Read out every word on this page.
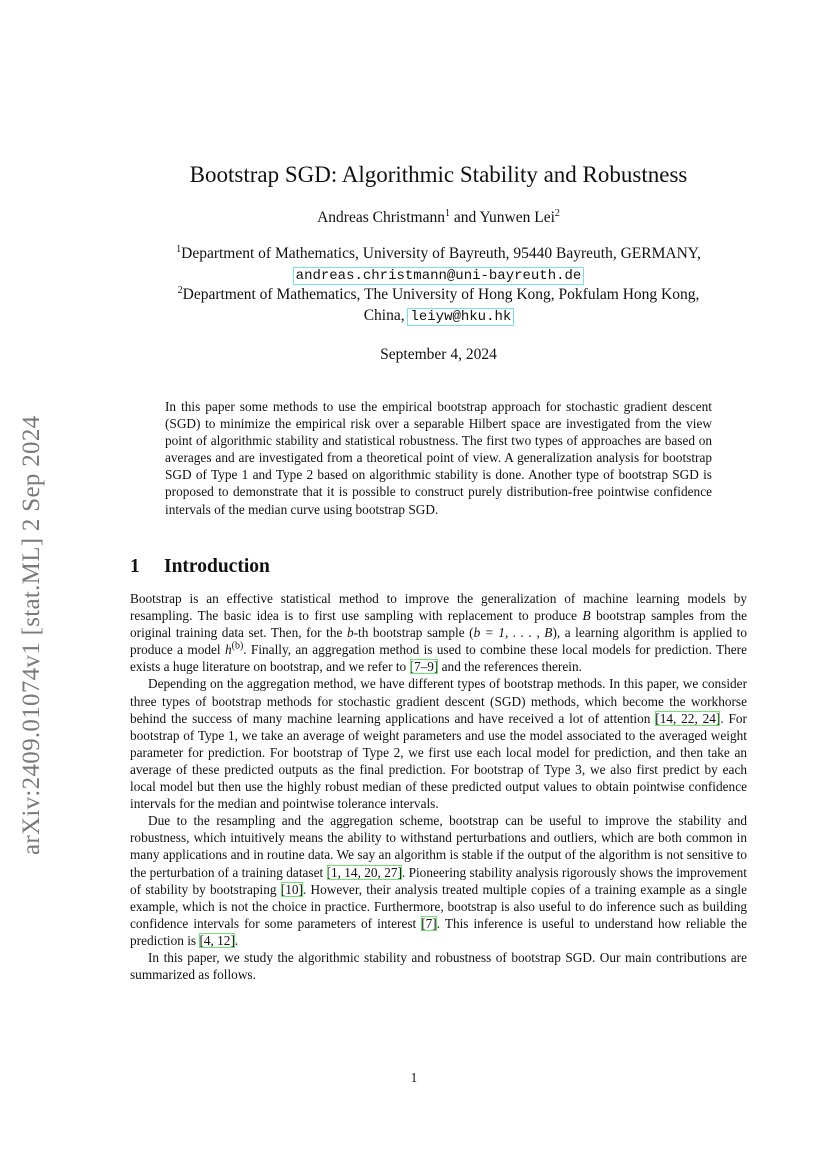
arXiv:2409.01074v1 [stat.ML] 2 Sep 2024
Bootstrap SGD: Algorithmic Stability and Robustness
Andreas Christmann$^1$ and Yunwen Lei$^2$
$^1$Department of Mathematics, University of Bayreuth, 95440 Bayreuth, GERMANY,
andreas.christmann@uni-bayreuth.de
$^2$Department of Mathematics, The University of Hong Kong, Pokfulam Hong Kong,
China, leiyw@hku.hk
September 4, 2024
In this paper some methods to use the empirical bootstrap approach for stochastic gradient descent (SGD) to minimize the empirical risk over a separable Hilbert space are investigated from the view point of algorithmic stability and statistical robustness. The first two types of approaches are based on averages and are investigated from a theoretical point of view. A generalization analysis for bootstrap SGD of Type 1 and Type 2 based on algorithmic stability is done. Another type of bootstrap SGD is proposed to demonstrate that it is possible to construct purely distribution-free pointwise confidence intervals of the median curve using bootstrap SGD.
1 Introduction

Bootstrap is an effective statistical method to improve the generalization of machine learning models by resampling. The basic idea is to first use sampling with replacement to produce B bootstrap samples from the original training data set. Then, for the b-th bootstrap sample (b = 1, . . . , B), a learning algorithm is applied to produce a model $h^{(b)}$. Finally, an aggregation method is used to combine these local models for prediction. There exists a huge literature on bootstrap, and we refer to [7–9] and the references therein.

Depending on the aggregation method, we have different types of bootstrap methods. In this paper, we consider three types of bootstrap methods for stochastic gradient descent (SGD) methods, which become the workhorse behind the success of many machine learning applications and have received a lot of attention [14, 22, 24]. For bootstrap of Type 1, we take an average of weight parameters and use the model associated to the averaged weight parameter for prediction. For bootstrap of Type 2, we first use each local model for prediction, and then take an average of these predicted outputs as the final prediction. For bootstrap of Type 3, we also first predict by each local model but then use the highly robust median of these predicted output values to obtain pointwise confidence intervals for the median and pointwise tolerance intervals.

Due to the resampling and the aggregation scheme, bootstrap can be useful to improve the stability and robustness, which intuitively means the ability to withstand perturbations and outliers, which are both common in many applications and in routine data. We say an algorithm is stable if the output of the algorithm is not sensitive to the perturbation of a training dataset [1, 14, 20, 27]. Pioneering stability analysis rigorously shows the improvement of stability by bootstraping [10]. However, their analysis treated multiple copies of a training example as a single example, which is not the choice in practice. Furthermore, bootstrap is also useful to do inference such as building confidence intervals for some parameters of interest [7]. This inference is useful to understand how reliable the prediction is [4, 12].

In this paper, we study the algorithmic stability and robustness of bootstrap SGD. Our main contributions are summarized as follows.

1
